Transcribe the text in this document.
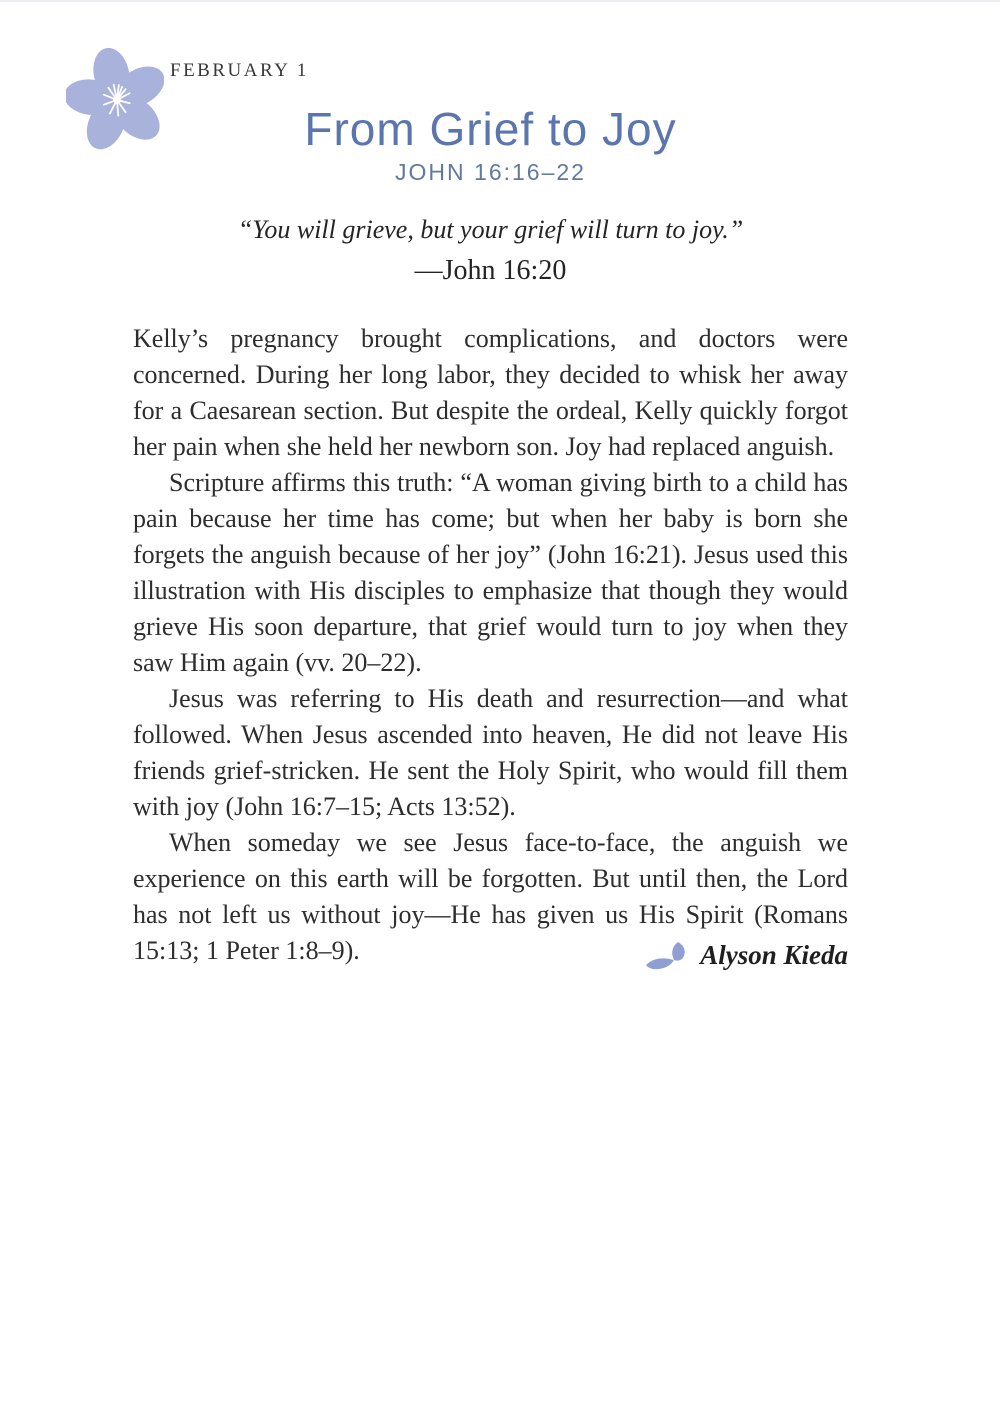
FEBRUARY 1
From Grief to Joy
JOHN 16:16–22
“You will grieve, but your grief will turn to joy.”
—John 16:20

Kelly’s pregnancy brought complications, and doctors were concerned. During her long labor, they decided to whisk her away for a Caesarean section. But despite the ordeal, Kelly quickly forgot her pain when she held her newborn son. Joy had replaced anguish.

Scripture affirms this truth: “A woman giving birth to a child has pain because her time has come; but when her baby is born she forgets the anguish because of her joy” (John 16:21). Jesus used this illustration with His disciples to emphasize that though they would grieve His soon departure, that grief would turn to joy when they saw Him again (vv. 20–22).

Jesus was referring to His death and resurrection—and what followed. When Jesus ascended into heaven, He did not leave His friends grief-stricken. He sent the Holy Spirit, who would fill them with joy (John 16:7–15; Acts 13:52).

When someday we see Jesus face-to-face, the anguish we experience on this earth will be forgotten. But until then, the Lord has not left us without joy—He has given us His Spirit (Romans 15:13; 1 Peter 1:8–9).	Alyson Kieda
